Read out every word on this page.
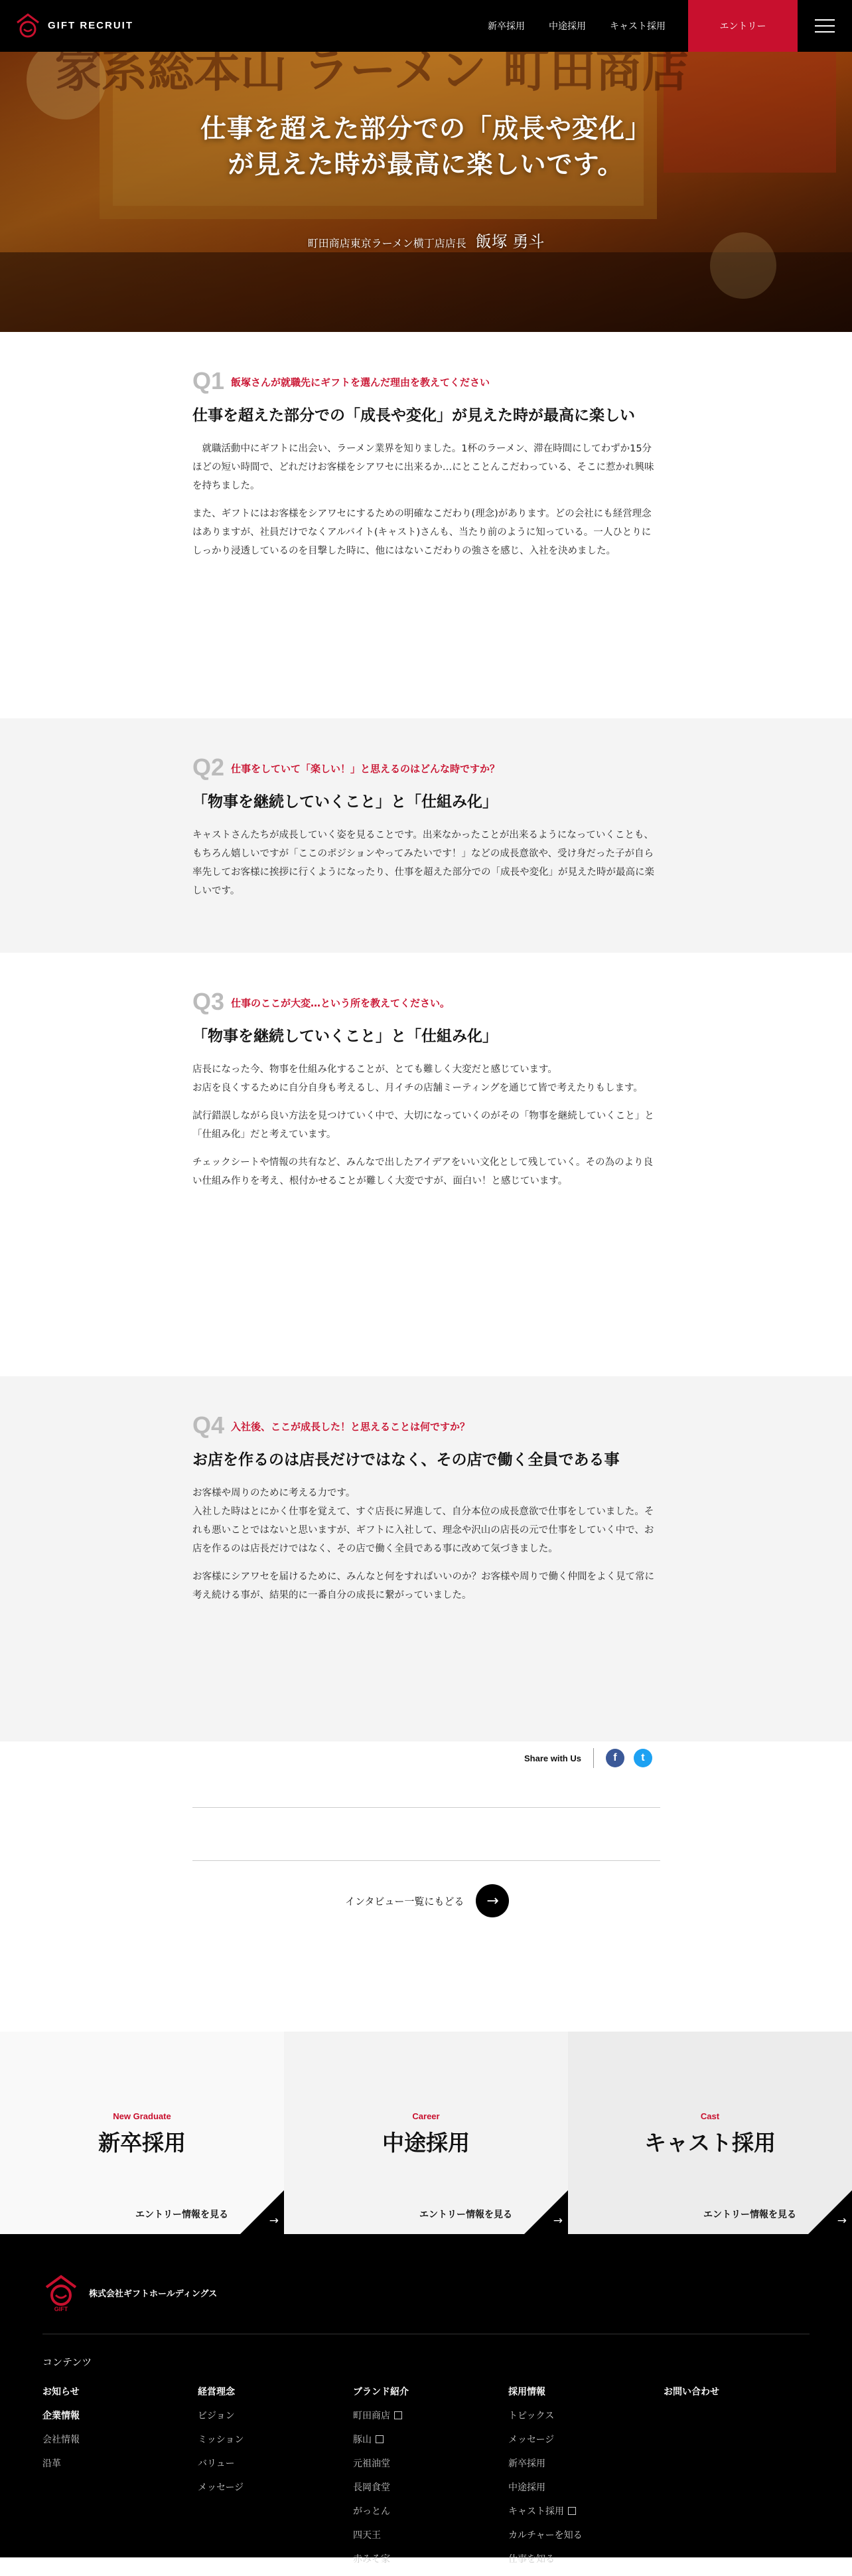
仕事を超えた部分での「成長や変化」が見えた時が最高に楽しいです。
町田商店東京ラーメン横丁店店長 飯塚 勇斗
GIFT RECRUIT	新卒採用	中途採用	キャスト採用	エントリー
Q1 飯塚さんが就職先にギフトを選んだ理由を教えてください
仕事を超えた部分での「成長や変化」が見えた時が最高に楽しい

　就職活動中にギフトに出会い、ラーメン業界を知りました。1杯のラーメン、滞在時間にしてわずか15分ほどの短い時間で、どれだけお客様をシアワセに出来るか…にとことんこだわっている、そこに惹かれ興味を持ちました。

また、ギフトにはお客様をシアワセにするための明確なこだわり(理念)があります。どの会社にも経営理念はありますが、社員だけでなくアルバイト(キャスト)さんも、当たり前のように知っている。一人ひとりにしっかり浸透しているのを目撃した時に、他にはないこだわりの強さを感じ、入社を決めました。

Q2 仕事をしていて「楽しい！」と思えるのはどんな時ですか？
「物事を継続していくこと」と「仕組み化」

キャストさんたちが成長していく姿を見ることです。出来なかったことが出来るようになっていくことも、もちろん嬉しいですが「ここのポジションやってみたいです！」などの成長意欲や、受け身だった子が自ら率先してお客様に挨拶に行くようになったり、仕事を超えた部分での「成長や変化」が見えた時が最高に楽しいです。

Q3 仕事のここが大変…という所を教えてください。
「物事を継続していくこと」と「仕組み化」

店長になった今、物事を仕組み化することが、とても難しく大変だと感じています。
お店を良くするために自分自身も考えるし、月イチの店舗ミーティングを通じて皆で考えたりもします。

試行錯誤しながら良い方法を見つけていく中で、大切になっていくのがその「物事を継続していくこと」と「仕組み化」だと考えています。

チェックシートや情報の共有など、みんなで出したアイデアをいい文化として残していく。その為のより良い仕組み作りを考え、根付かせることが難しく大変ですが、面白い！と感じています。

Q4 入社後、ここが成長した！と思えることは何ですか？
お店を作るのは店長だけではなく、その店で働く全員である事

お客様や周りのために考える力です。
入社した時はとにかく仕事を覚えて、すぐ店長に昇進して、自分本位の成長意欲で仕事をしていました。それも悪いことではないと思いますが、ギフトに入社して、理念や沢山の店長の元で仕事をしていく中で、お店を作るのは店長だけではなく、その店で働く全員である事に改めて気づきました。

お客様にシアワセを届けるために、みんなと何をすればいいのか？お客様や周りで働く仲間をよく見て常に考え続ける事が、結果的に一番自分の成長に繋がっていました。

Share with Us	f	t
インタビュー一覧にもどる	→
New Graduate
新卒採用
エントリー情報を見る	→
Career
中途採用
エントリー情報を見る	→
Cast
キャスト採用
エントリー情報を見る	→
GIFT
株式会社ギフトホールディングス
コンテンツ
お知らせ
企業情報
会社情報
沿革
経営理念
ビジョン
ミッション
バリュー
メッセージ
ブランド紹介
町田商店
豚山
元祖油堂
長岡食堂
がっとん
四天王
赤みそ家
採用情報
トピックス
メッセージ
新卒採用
中途採用
キャスト採用
カルチャーを知る
仕事を知る
お問い合わせ
